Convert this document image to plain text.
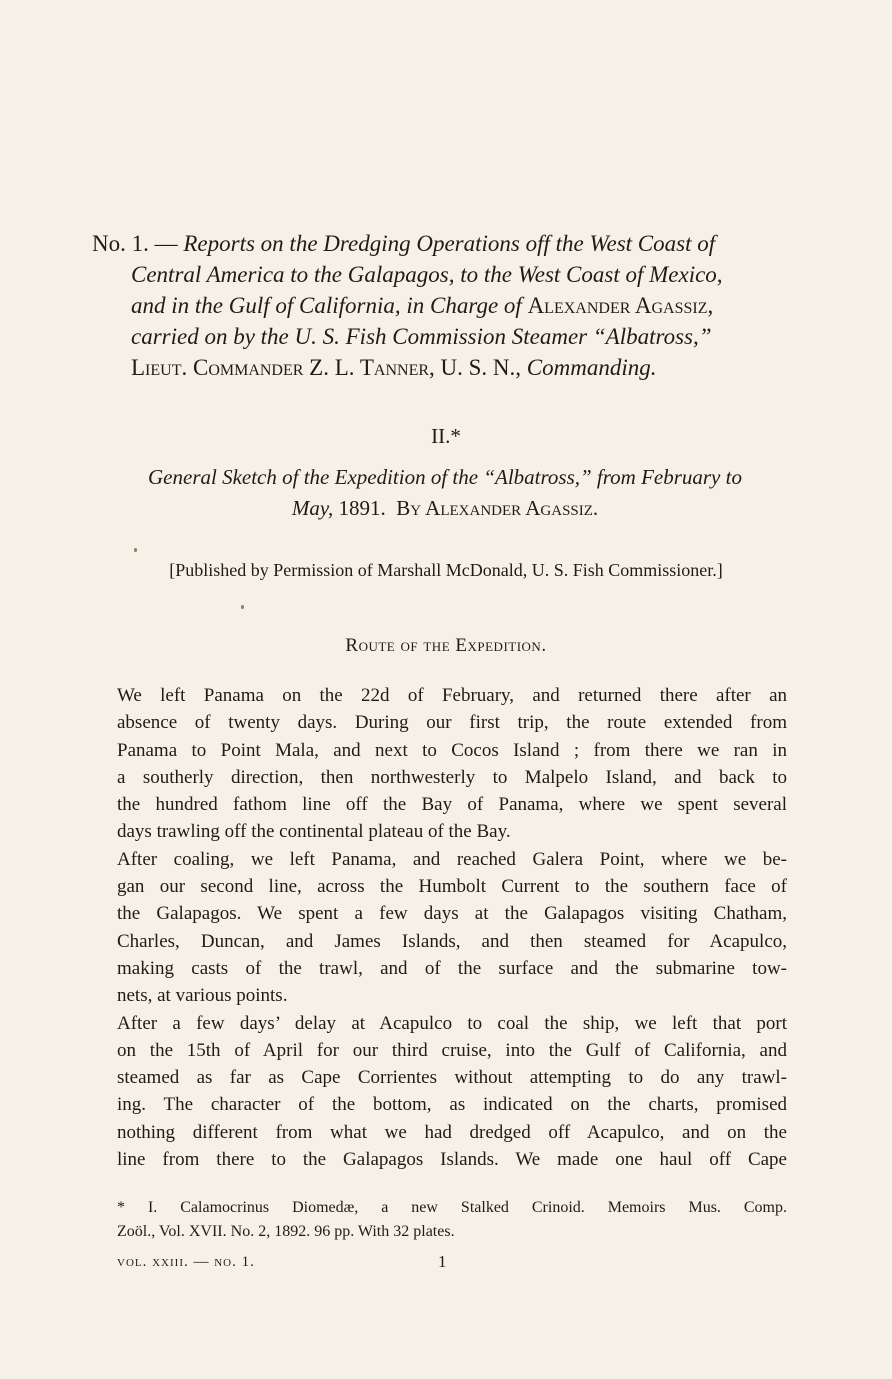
No. 1. — Reports on the Dredging Operations off the West Coast of
Central America to the Galapagos, to the West Coast of Mexico,
and in the Gulf of California, in Charge of Alexander Agassiz,
carried on by the U. S. Fish Commission Steamer “Albatross,”
Lieut. Commander Z. L. Tanner, U. S. N., Commanding.
II.*
General Sketch of the Expedition of the “Albatross,” from February to
May, 1891. By Alexander Agassiz.
[Published by Permission of Marshall McDonald, U. S. Fish Commissioner.]
Route of the Expedition.
We left Panama on the 22d of February, and returned there after an
absence of twenty days. During our first trip, the route extended from
Panama to Point Mala, and next to Cocos Island ; from there we ran in
a southerly direction, then northwesterly to Malpelo Island, and back to
the hundred fathom line off the Bay of Panama, where we spent several
days trawling off the continental plateau of the Bay.
After coaling, we left Panama, and reached Galera Point, where we be-
gan our second line, across the Humbolt Current to the southern face of
the Galapagos. We spent a few days at the Galapagos visiting Chatham,
Charles, Duncan, and James Islands, and then steamed for Acapulco,
making casts of the trawl, and of the surface and the submarine tow-
nets, at various points.
After a few days’ delay at Acapulco to coal the ship, we left that port
on the 15th of April for our third cruise, into the Gulf of California, and
steamed as far as Cape Corrientes without attempting to do any trawl-
ing. The character of the bottom, as indicated on the charts, promised
nothing different from what we had dredged off Acapulco, and on the
line from there to the Galapagos Islands. We made one haul off Cape
* I. Calamocrinus Diomedæ, a new Stalked Crinoid. Memoirs Mus. Comp.
Zoöl., Vol. XVII. No. 2, 1892. 96 pp. With 32 plates.
vol. xxiii. — no. 1.	1
